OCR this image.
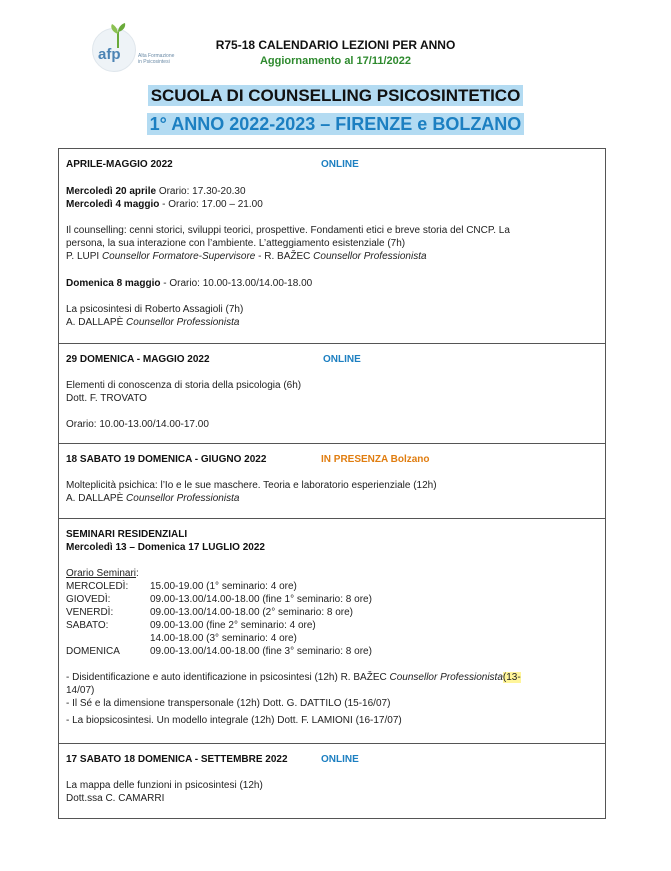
afp	Alta Formazione
in Psicosintesi
R75-18 CALENDARIO LEZIONI PER ANNO
Aggiornamento al 17/11/2022
SCUOLA DI COUNSELLING PSICOSINTETICO
1° ANNO 2022-2023 – FIRENZE e BOLZANO
APRILE-MAGGIO 2022	ONLINE
Mercoledì 20 aprile Orario: 17.30-20.30
Mercoledì 4 maggio - Orario: 17.00 – 21.00
Il counselling: cenni storici, sviluppi teorici, prospettive. Fondamenti etici e breve storia del CNCP. La
persona, la sua interazione con l’ambiente. L’atteggiamento esistenziale (7h)
P. LUPI Counsellor Formatore-Supervisore - R. BAŽEC Counsellor Professionista
Domenica 8 maggio - Orario: 10.00-13.00/14.00-18.00
La psicosintesi di Roberto Assagioli (7h)
A. DALLAPÈ Counsellor Professionista
29 DOMENICA - MAGGIO 2022	ONLINE
Elementi di conoscenza di storia della psicologia (6h)
Dott. F. TROVATO
Orario: 10.00-13.00/14.00-17.00
18 SABATO 19 DOMENICA - GIUGNO 2022	IN PRESENZA Bolzano
Molteplicità psichica: l’Io e le sue maschere. Teoria e laboratorio esperienziale (12h)
A. DALLAPÈ Counsellor Professionista
SEMINARI RESIDENZIALI
Mercoledì 13 – Domenica 17 LUGLIO 2022
Orario Seminari:
MERCOLEDÌ: 15.00-19.00 (1° seminario: 4 ore)
GIOVEDÌ:	09.00-13.00/14.00-18.00 (fine 1° seminario: 8 ore)
VENERDÌ:	09.00-13.00/14.00-18.00 (2° seminario: 8 ore)
SABATO:	09.00-13.00 (fine 2° seminario: 4 ore)
14.00-18.00 (3° seminario: 4 ore)
DOMENICA	09.00-13.00/14.00-18.00 (fine 3° seminario: 8 ore)
- Disidentificazione e auto identificazione in psicosintesi (12h) R. BAŽEC Counsellor Professionista(13-
14/07)
- Il Sé e la dimensione transpersonale (12h) Dott. G. DATTILO (15-16/07)
- La biopsicosintesi. Un modello integrale (12h) Dott. F. LAMIONI (16-17/07)
17 SABATO 18 DOMENICA - SETTEMBRE 2022	ONLINE
La mappa delle funzioni in psicosintesi (12h)
Dott.ssa C. CAMARRI
